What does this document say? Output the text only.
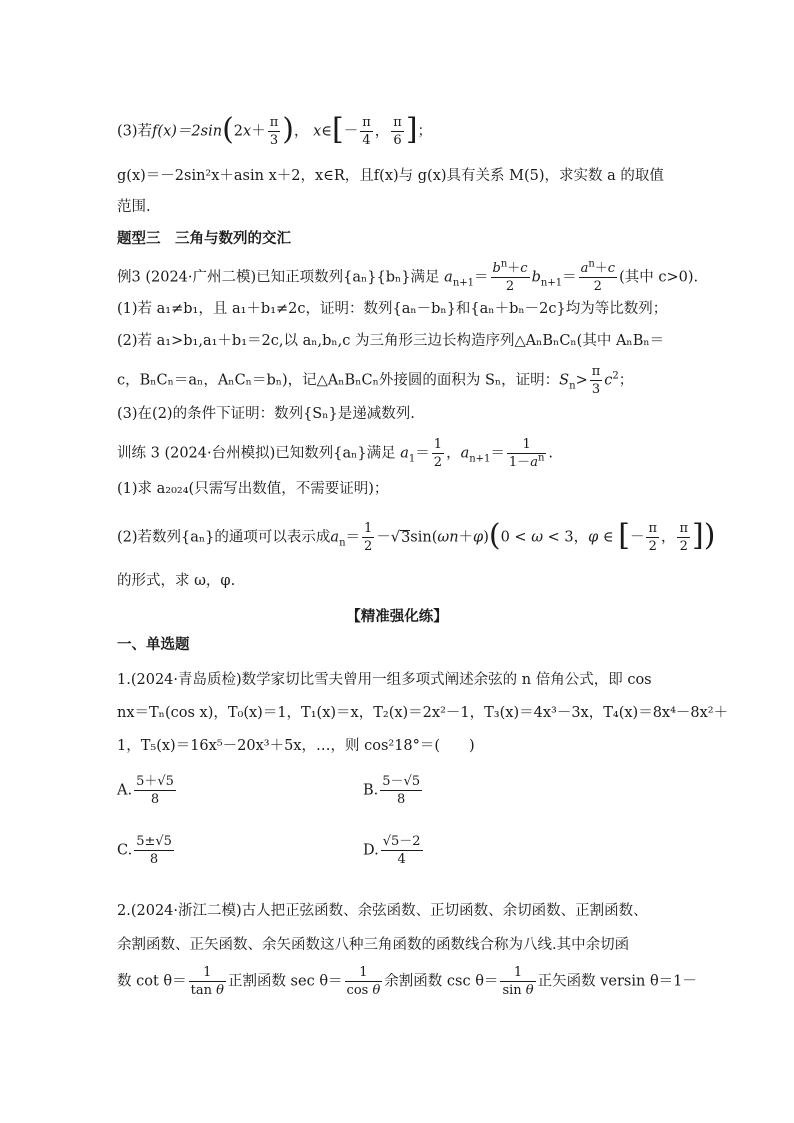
(3)若$f(x)=2\sin(2x+ \frac{\pi}{3}$ )， x∈[－ $\frac{\pi}{4}$ ， $\frac{\pi}{6}$ ]；
g(x)＝－2sin²x＋asin x＋2，x∈R，且f(x)与 g(x)具有关系 M(5)，求实数 a 的取值
范围.
题型三　三角与数列的交汇
例3 (2024·广州二模)已知正项数列{aₙ}{bₙ}满足 $a_{n+1}= \frac{b^n+c}{2} b_{n+1}= \frac{a^n+c}{2}$ (其中 c>0).
(1)若 a₁≠b₁，且 a₁＋b₁≠2c，证明：数列{aₙ－bₙ}和{aₙ＋bₙ－2c}均为等比数列；
(2)若 a₁>b₁,a₁＋b₁＝2c,以 aₙ,bₙ,c 为三角形三边长构造序列△AₙBₙCₙ(其中 AₙBₙ＝
c，BₙCₙ＝aₙ，AₙCₙ＝bₙ)，记△AₙBₙCₙ外接圆的面积为 Sₙ，证明：$S_n> \frac{\pi}{3} c^2$；
(3)在(2)的条件下证明：数列{Sₙ}是递减数列.
训练 3 (2024·台州模拟)已知数列{aₙ}满足 $a_1= \frac{1}{2}$ ，$a_{n+1}= \frac{1}{1-a^n}$ .
(1)求 a₂₀₂₄(只需写出数值，不需要证明)；
(2)若数列{aₙ}的通项可以表示成$a_n= \frac{1}{2} -√3\sin(\omega n+\varphi)(0 < \omega < 3$，φ ∈ [－ $\frac{\pi}{2}$ ， $\frac{\pi}{2}$ ])
的形式，求 ω，φ.
【精准强化练】
一、单选题
1.(2024·青岛质检)数学家切比雪夫曾用一组多项式阐述余弦的 n 倍角公式，即 cos
nx＝Tₙ(cos x)，T₀(x)＝1，T₁(x)＝x，T₂(x)＝2x²－1，T₃(x)＝4x³－3x，T₄(x)＝8x⁴－8x²＋
1，T₅(x)＝16x⁵－20x³＋5x，…，则 cos²18°＝(　　)
A. $\frac{5+√5}{8}$	B. $\frac{5-√5}{8}$
C. $\frac{5\pm√5}{8}$	D. $\frac{√5-2}{4}$
2.(2024·浙江二模)古人把正弦函数、余弦函数、正切函数、余切函数、正割函数、
余割函数、正矢函数、余矢函数这八种三角函数的函数线合称为八线.其中余切函
数 $\cot \theta= \frac{1}{\text{tan θ}}$ 正割函数 $\sec \theta= \frac{1}{\text{cos θ}}$ 余割函数 $\csc \theta= \frac{1}{\text{sin θ}}$ 正矢函数 versin θ＝1－
